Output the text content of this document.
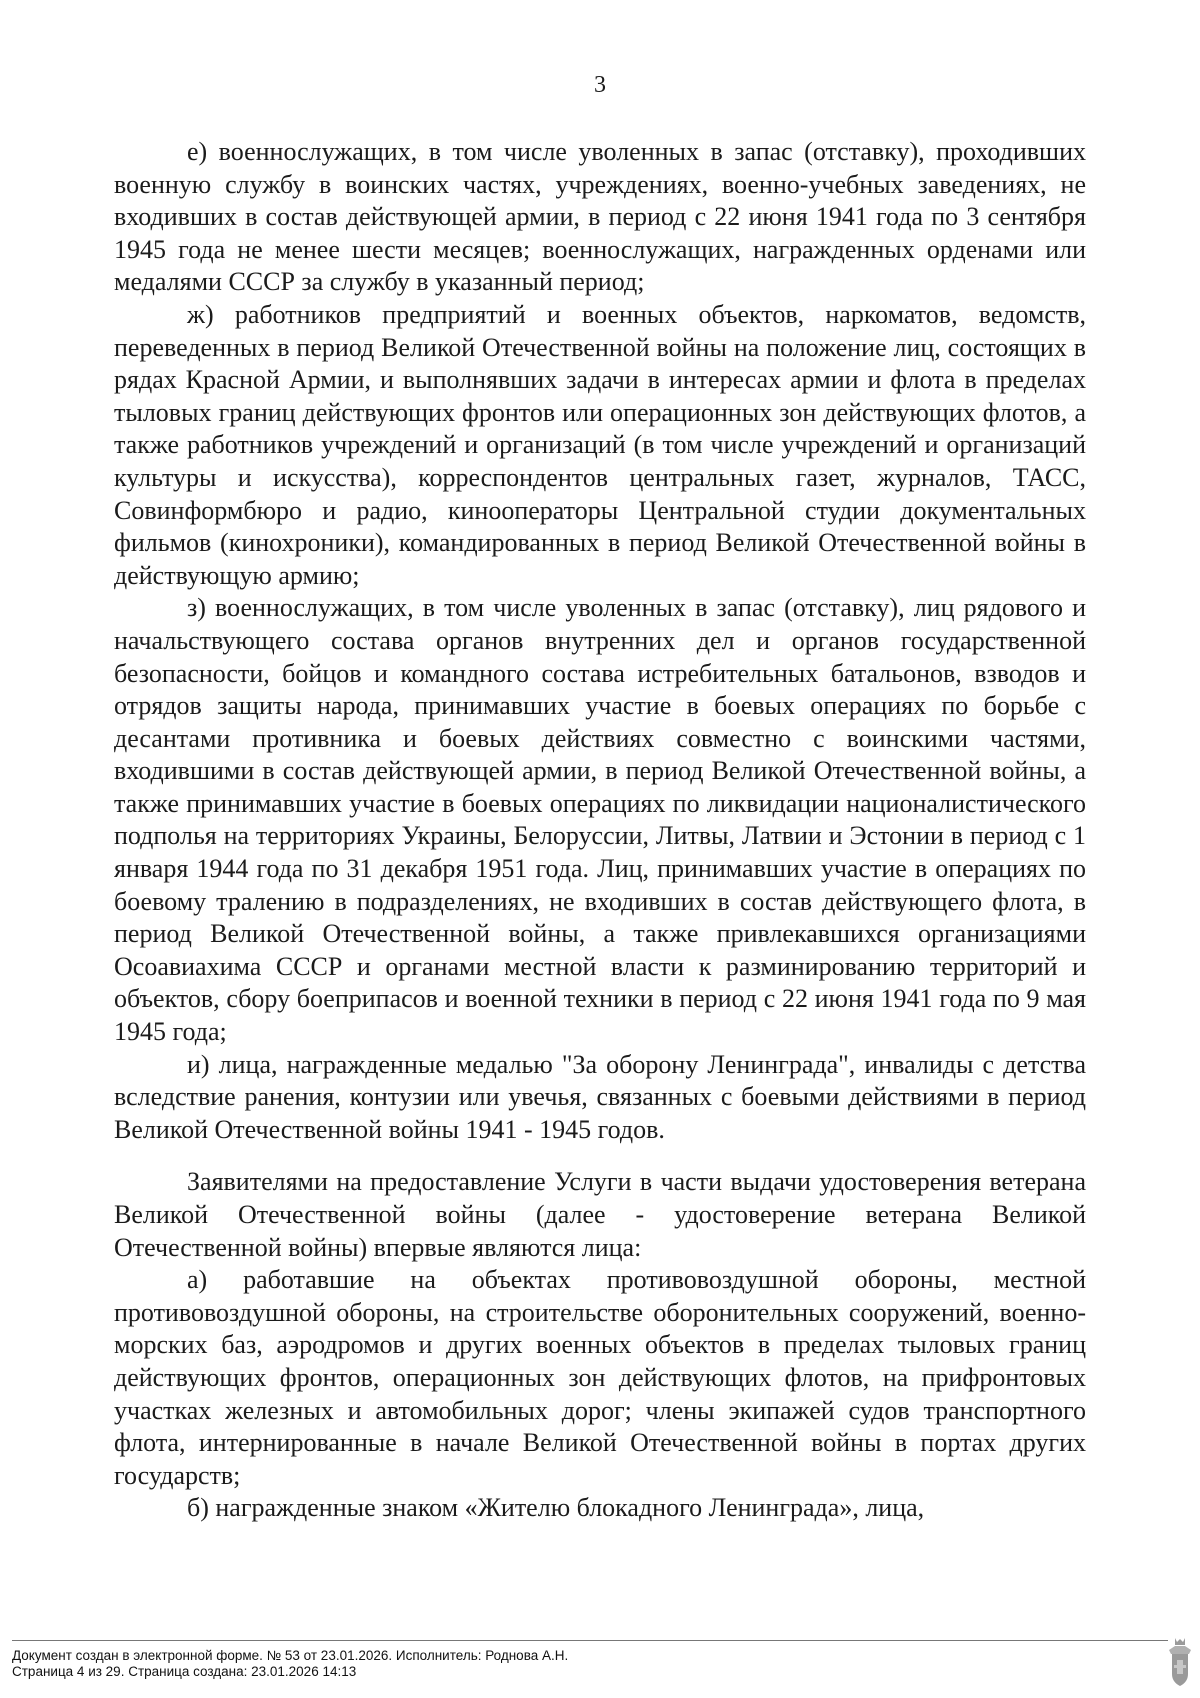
3

е) военнослужащих, в том числе уволенных в запас (отставку), проходивших военную службу в воинских частях, учреждениях, военно-учебных заведениях, не входивших в состав действующей армии, в период с 22 июня 1941 года по 3 сентября 1945 года не менее шести месяцев; военнослужащих, награжденных орденами или медалями СССР за службу в указанный период;

ж) работников предприятий и военных объектов, наркоматов, ведомств, переведенных в период Великой Отечественной войны на положение лиц, состоящих в рядах Красной Армии, и выполнявших задачи в интересах армии и флота в пределах тыловых границ действующих фронтов или операционных зон действующих флотов, а также работников учреждений и организаций (в том числе учреждений и организаций культуры и искусства), корреспондентов центральных газет, журналов, ТАСС, Совинформбюро и радио, кинооператоры Центральной студии документальных фильмов (кинохроники), командированных в период Великой Отечественной войны в действующую армию;

з) военнослужащих, в том числе уволенных в запас (отставку), лиц рядового и начальствующего состава органов внутренних дел и органов государственной безопасности, бойцов и командного состава истребительных батальонов, взводов и отрядов защиты народа, принимавших участие в боевых операциях по борьбе с десантами противника и боевых действиях совместно с воинскими частями, входившими в состав действующей армии, в период Великой Отечественной войны, а также принимавших участие в боевых операциях по ликвидации националистического подполья на территориях Украины, Белоруссии, Литвы, Латвии и Эстонии в период с 1 января 1944 года по 31 декабря 1951 года. Лиц, принимавших участие в операциях по боевому тралению в подразделениях, не входивших в состав действующего флота, в период Великой Отечественной войны, а также привлекавшихся организациями Осоавиахима СССР и органами местной власти к разминированию территорий и объектов, сбору боеприпасов и военной техники в период с 22 июня 1941 года по 9 мая 1945 года;

и) лица, награжденные медалью "За оборону Ленинграда", инвалиды с детства вследствие ранения, контузии или увечья, связанных с боевыми действиями в период Великой Отечественной войны 1941 - 1945 годов.

Заявителями на предоставление Услуги в части выдачи удостоверения ветерана Великой Отечественной войны (далее - удостоверение ветерана Великой Отечественной войны) впервые являются лица:

а) работавшие на объектах противовоздушной обороны, местной противовоздушной обороны, на строительстве оборонительных сооружений, военно-морских баз, аэродромов и других военных объектов в пределах тыловых границ действующих фронтов, операционных зон действующих флотов, на прифронтовых участках железных и автомобильных дорог; члены экипажей судов транспортного флота, интернированные в начале Великой Отечественной войны в портах других государств;

б) награжденные знаком «Жителю блокадного Ленинграда», лица,

Документ создан в электронной форме. № 53 от 23.01.2026. Исполнитель: Роднова А.Н.
Страница 4 из 29. Страница создана: 23.01.2026 14:13
